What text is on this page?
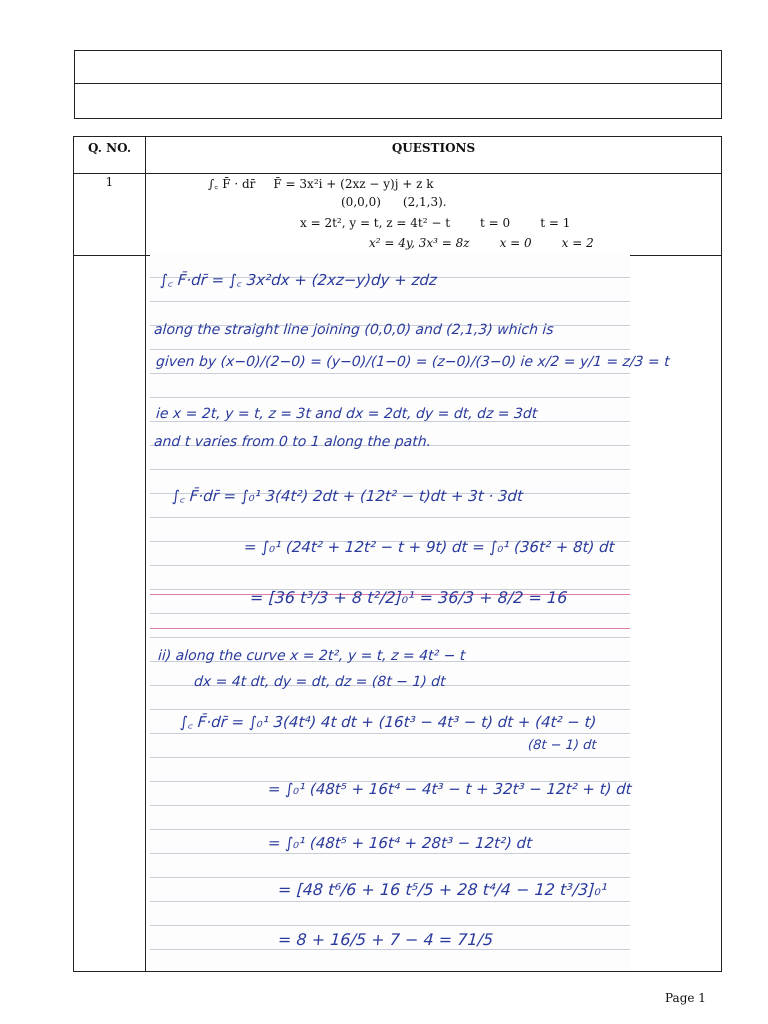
Q. NO.	QUESTIONS
1	∫꜀ F̄ · dr̄ F̄ = 3x²i + (2xz − y)j + z k
(0,0,0) (2,1,3).
x = 2t², y = t, z = 4t² − t	t = 0	t = 1
x² = 4y, 3x³ = 8z	x = 0	x = 2
∫꜀ F̄·dr̄ = ∫꜀ 3x²dx + (2xz−y)dy + zdz
along the straight line joining (0,0,0) and (2,1,3) which is
given by (x−0)/(2−0) = (y−0)/(1−0) = (z−0)/(3−0) ie x/2 = y/1 = z/3 = t
ie x = 2t, y = t, z = 3t and dx = 2dt, dy = dt, dz = 3dt
and t varies from 0 to 1 along the path.
∫꜀ F̄·dr̄ = ∫₀¹ 3(4t²) 2dt + (12t² − t)dt + 3t · 3dt
= ∫₀¹ (24t² + 12t² − t + 9t) dt = ∫₀¹ (36t² + 8t) dt
= [36 t³/3 + 8 t²/2]₀¹ = 36/3 + 8/2 = 16
ii) along the curve x = 2t², y = t, z = 4t² − t
dx = 4t dt, dy = dt, dz = (8t − 1) dt
∫꜀ F̄·dr̄ = ∫₀¹ 3(4t⁴) 4t dt + (16t³ − 4t³ − t) dt + (4t² − t)
(8t − 1) dt
= ∫₀¹ (48t⁵ + 16t⁴ − 4t³ − t + 32t³ − 12t² + t) dt
= ∫₀¹ (48t⁵ + 16t⁴ + 28t³ − 12t²) dt
= [48 t⁶/6 + 16 t⁵/5 + 28 t⁴/4 − 12 t³/3]₀¹
= 8 + 16/5 + 7 − 4 = 71/5
Page 1
